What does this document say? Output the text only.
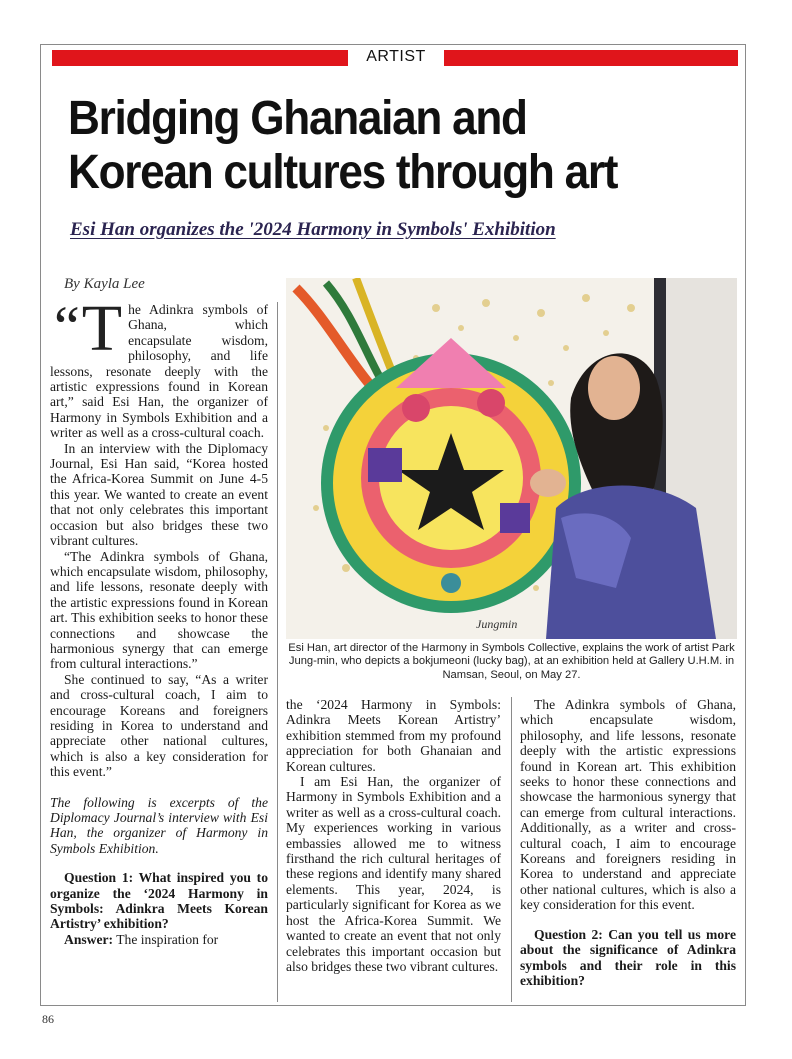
ARTIST
Bridging Ghanaian and
Korean cultures through art
Esi Han organizes the '2024 Harmony in Symbols' Exhibition
By Kayla Lee

“ T he Adinkra symbols of Ghana, which encapsulate wisdom, philosophy, and life lessons, resonate deeply with the artistic expressions found in Korean art,” said Esi Han, the organizer of Harmony in Symbols Exhibition and a writer as well as a cross-cultural coach.

In an interview with the Diplomacy Journal, Esi Han said, “Korea hosted the Africa-Korea Summit on June 4-5 this year. We wanted to create an event that not only celebrates this important occasion but also bridges these two vibrant cultures.

“The Adinkra symbols of Ghana, which encapsulate wisdom, philosophy, and life lessons, resonate deeply with the artistic expressions found in Korean art. This exhibition seeks to honor these connections and showcase the harmonious synergy that can emerge from cultural interactions.”

She continued to say, “As a writer and cross-cultural coach, I aim to encourage Koreans and foreigners residing in Korea to understand and appreciate other national cultures, which is also a key consideration for this event.”

The following is excerpts of the Diplomacy Journal’s interview with Esi Han, the organizer of Harmony in Symbols Exhibition.

Question 1: What inspired you to organize the ‘2024 Harmony in Symbols: Adinkra Meets Korean Artistry’ exhibition?

Answer: The inspiration for

Jungmin
Esi Han, art director of the Harmony in Symbols Collective, explains the work of artist Park Jung-min, who depicts a bokjumeoni (lucky bag), at an exhibition held at Gallery U.H.M. in Namsan, Seoul, on May 27.

the ‘2024 Harmony in Symbols: Adinkra Meets Korean Artistry’ exhibition stemmed from my profound appreciation for both Ghanaian and Korean cultures.

I am Esi Han, the organizer of Harmony in Symbols Exhibition and a writer as well as a cross-cultural coach. My experiences working in various embassies allowed me to witness firsthand the rich cultural heritages of these regions and identify many shared elements. This year, 2024, is particularly significant for Korea as we host the Africa-Korea Summit. We wanted to create an event that not only celebrates this important occasion but also bridges these two vibrant cultures.

The Adinkra symbols of Ghana, which encapsulate wisdom, philosophy, and life lessons, resonate deeply with the artistic expressions found in Korean art. This exhibition seeks to honor these connections and showcase the harmonious synergy that can emerge from cultural interactions. Additionally, as a writer and cross-cultural coach, I aim to encourage Koreans and foreigners residing in Korea to understand and appreciate other national cultures, which is also a key consideration for this event.

Question 2: Can you tell us more about the significance of Adinkra symbols and their role in this exhibition?

86
